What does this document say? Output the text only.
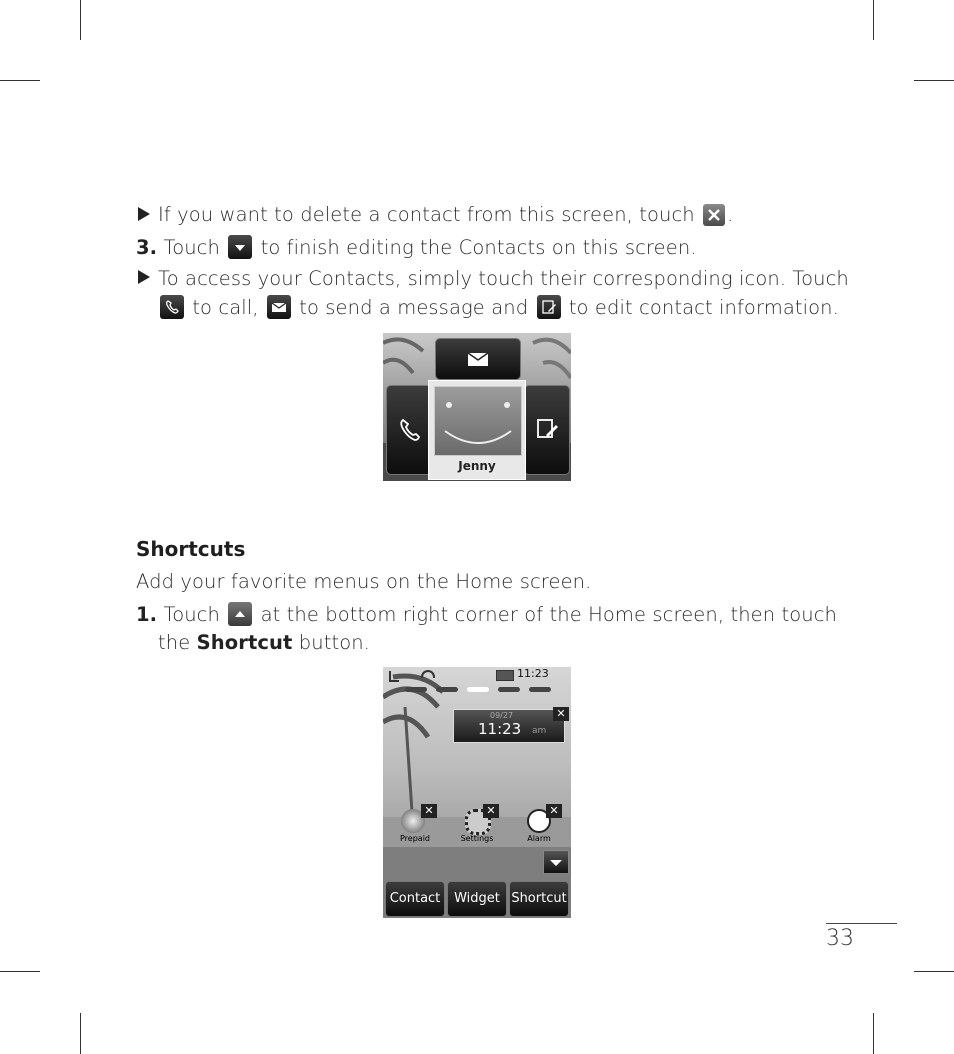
If you want to delete a contact from this screen, touch .
3. Touch to finish editing the Contacts on this screen.
To access your Contacts, simply touch their corresponding icon. Touch
to call, to send a message and to edit contact information.
Jenny
Shortcuts
Add your favorite menus on the Home screen.
1. Touch at the bottom right corner of the Home screen, then touch
the Shortcut button.
11:23
09/27
11:23 am
✕
Prepaid
✕
Settings
✕
Alarm
✕
Contact	Widget Shortcut
33
